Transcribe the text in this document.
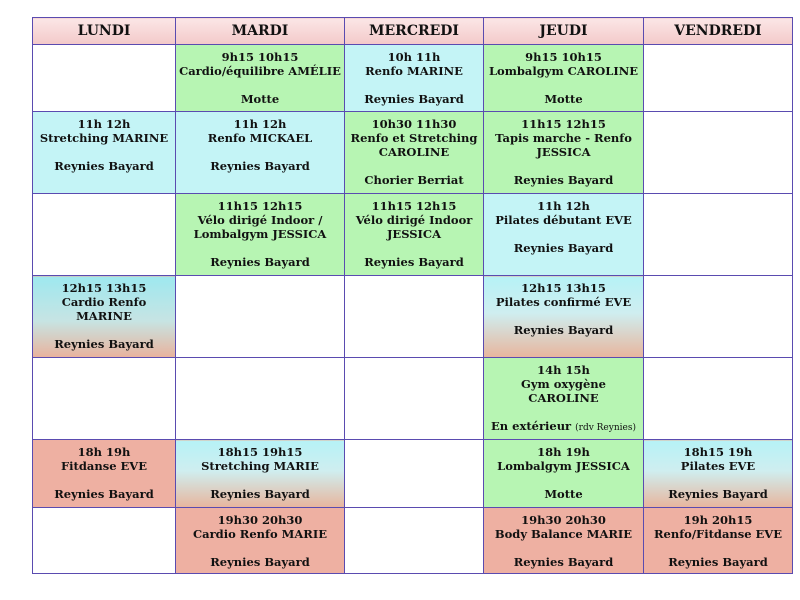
LUNDI	MARDI	MERCREDI	JEUDI	VENDREDI

	9h15 10h15
Cardio/équilibre AMÉLIE
Motte	10h 11h
Renfo MARINE
Reynies Bayard	9h15 10h15
Lombalgym CAROLINE
Motte	

11h 12h
Stretching MARINE
Reynies Bayard	11h 12h
Renfo MICKAEL
Reynies Bayard	10h30 11h30
Renfo et Stretching
CAROLINE
Chorier Berriat	11h15 12h15
Tapis marche - Renfo
JESSICA
Reynies Bayard	

	11h15 12h15
Vélo dirigé Indoor /
Lombalgym JESSICA
Reynies Bayard	11h15 12h15
Vélo dirigé Indoor
JESSICA
Reynies Bayard	11h 12h
Pilates débutant EVE
Reynies Bayard	

12h15 13h15
Cardio Renfo
MARINE
Reynies Bayard			12h15 13h15
Pilates confirmé EVE
Reynies Bayard	

			14h 15h
Gym oxygène
CAROLINE
En extérieur (rdv Reynies)	

18h 19h
Fitdanse EVE
Reynies Bayard	18h15 19h15
Stretching MARIE
Reynies Bayard		18h 19h
Lombalgym JESSICA
Motte	18h15 19h
Pilates EVE
Reynies Bayard

	19h30 20h30
Cardio Renfo MARIE
Reynies Bayard		19h30 20h30
Body Balance MARIE
Reynies Bayard	19h 20h15
Renfo/Fitdanse EVE
Reynies Bayard
